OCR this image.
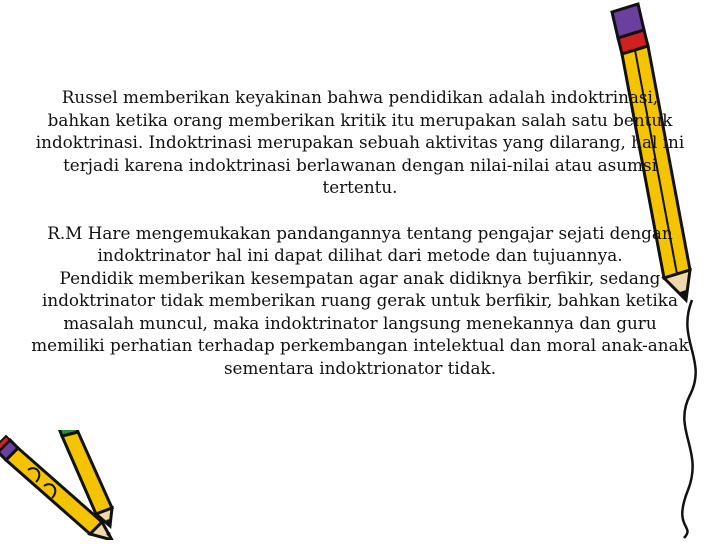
Russel memberikan keyakinan bahwa pendidikan adalah indoktrinasi,
bahkan ketika orang memberikan kritik itu merupakan salah satu bentuk
indoktrinasi. Indoktrinasi merupakan sebuah aktivitas yang dilarang, hal ini
terjadi karena indoktrinasi berlawanan dengan nilai-nilai atau asumsi
tertentu.

R.M Hare mengemukakan pandangannya tentang pengajar sejati dengan
indoktrinator hal ini dapat dilihat dari metode dan tujuannya.
Pendidik memberikan kesempatan agar anak didiknya berfikir, sedang
indoktrinator tidak memberikan ruang gerak untuk berfikir, bahkan ketika
masalah muncul, maka indoktrinator langsung menekannya dan guru
memiliki perhatian terhadap perkembangan intelektual dan moral anak-anak
sementara indoktrionator tidak.
